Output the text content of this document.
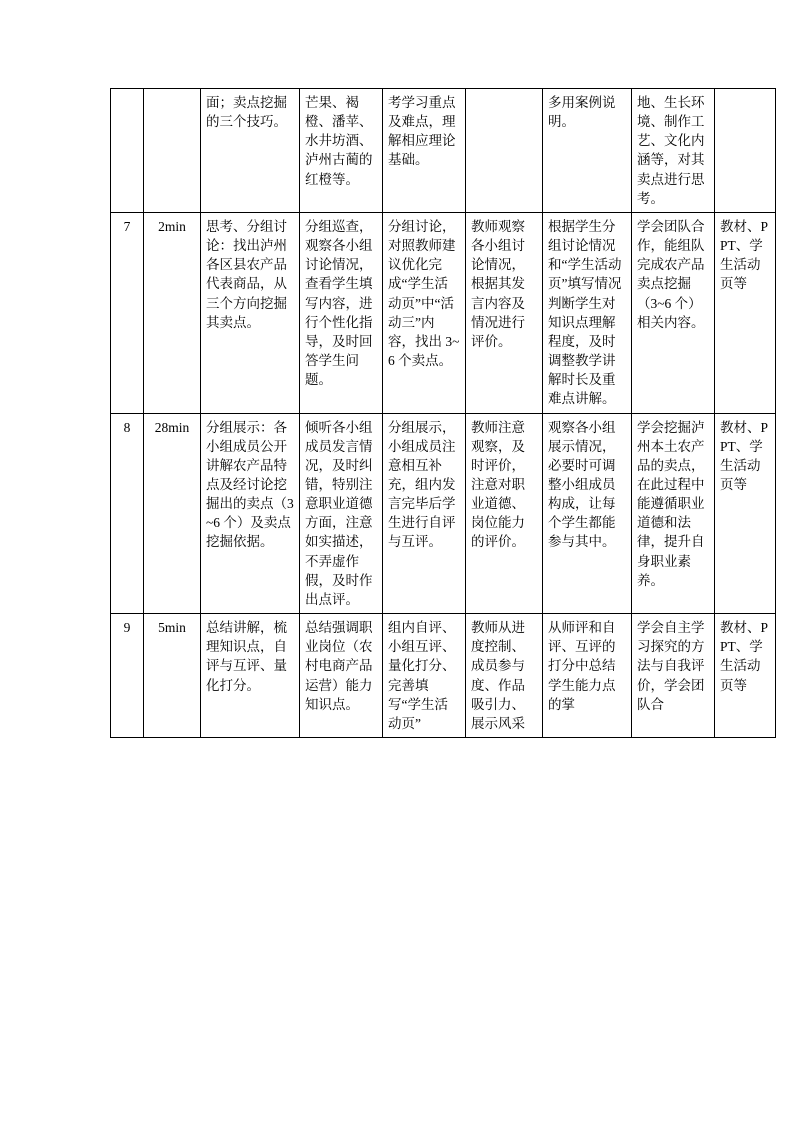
		面；卖点挖掘的三个技巧。	芒果、褐橙、潘苹、水井坊酒、泸州古蔺的红橙等。	考学习重点及难点，理解相应理论基础。		多用案例说明。	地、生长环境、制作工艺、文化内涵等，对其卖点进行思考。	

7	2min	思考、分组讨论：找出泸州各区县农产品代表商品，从三个方向挖掘其卖点。	分组巡查，观察各小组讨论情况，查看学生填写内容，进行个性化指导，及时回答学生问题。	分组讨论，对照教师建议优化完成“学生活动页”中“活动三”内容，找出 3~6 个卖点。	教师观察各小组讨论情况，根据其发言内容及情况进行评价。	根据学生分组讨论情况和“学生活动页”填写情况判断学生对知识点理解程度，及时调整教学讲解时长及重难点讲解。	学会团队合作，能组队完成农产品卖点挖掘（3~6 个）相关内容。	教材、PPT、学生活动页等

8	28min	分组展示：各小组成员公开讲解农产品特点及经讨论挖掘出的卖点（3~6 个）及卖点挖掘依据。	倾听各小组成员发言情况，及时纠错，特别注意职业道德方面，注意如实描述，不弄虚作假，及时作出点评。	分组展示，小组成员注意相互补充，组内发言完毕后学生进行自评与互评。	教师注意观察，及时评价，注意对职业道德、岗位能力的评价。	观察各小组展示情况，必要时可调整小组成员构成，让每个学生都能参与其中。	学会挖掘泸州本土农产品的卖点，在此过程中能遵循职业道德和法律，提升自身职业素养。	教材、PPT、学生活动页等

9	5min	总结讲解，梳理知识点，自评与互评、量化打分。	总结强调职业岗位（农村电商产品运营）能力知识点。	组内自评、小组互评、量化打分、完善填写“学生活动页”	教师从进度控制、成员参与度、作品吸引力、展示风采	从师评和自评、互评的打分中总结学生能力点的掌	学会自主学习探究的方法与自我评价，学会团队合	教材、PPT、学生活动页等
